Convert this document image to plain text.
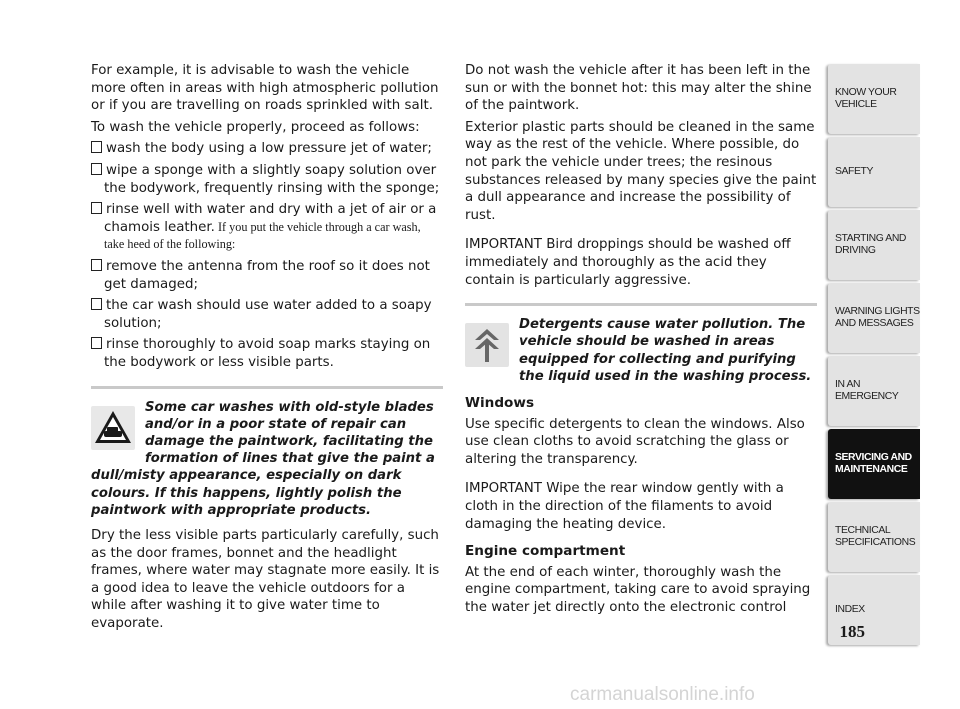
For example, it is advisable to wash the vehicle more often in areas with high atmospheric pollution or if you are travelling on roads sprinkled with salt.

To wash the vehicle properly, proceed as follows:

wash the body using a low pressure jet of water;
wipe a sponge with a slightly soapy solution over the bodywork, frequently rinsing with the sponge;
rinse well with water and dry with a jet of air or a chamois leather. If you put the vehicle through a car wash, take heed of the following:
remove the antenna from the roof so it does not get damaged;
the car wash should use water added to a soapy solution;
rinse thoroughly to avoid soap marks staying on the bodywork or less visible parts.
Some car washes with old-style blades and/or in a poor state of repair can damage the paintwork, facilitating the formation of lines that give the paint a dull/misty appearance, especially on dark colours. If this happens, lightly polish the paintwork with appropriate products.

Dry the less visible parts particularly carefully, such as the door frames, bonnet and the headlight frames, where water may stagnate more easily. It is a good idea to leave the vehicle outdoors for a while after washing it to give water time to evaporate.

Do not wash the vehicle after it has been left in the sun or with the bonnet hot: this may alter the shine of the paintwork.

Exterior plastic parts should be cleaned in the same way as the rest of the vehicle. Where possible, do not park the vehicle under trees; the resinous substances released by many species give the paint a dull appearance and increase the possibility of rust.

IMPORTANT Bird droppings should be washed off immediately and thoroughly as the acid they contain is particularly aggressive.

Detergents cause water pollution. The vehicle should be washed in areas equipped for collecting and purifying the liquid used in the washing process.
Windows

Use specific detergents to clean the windows. Also use clean cloths to avoid scratching the glass or altering the transparency.

IMPORTANT Wipe the rear window gently with a cloth in the direction of the filaments to avoid damaging the heating device.

Engine compartment

At the end of each winter, thoroughly wash the engine compartment, taking care to avoid spraying the water jet directly onto the electronic control

KNOW YOUR
VEHICLE
SAFETY
STARTING AND
DRIVING
WARNING LIGHTS
AND MESSAGES
IN AN EMERGENCY
SERVICING AND
MAINTENANCE
TECHNICAL
SPECIFICATIONS
INDEX
185
carmanualsonline.info
